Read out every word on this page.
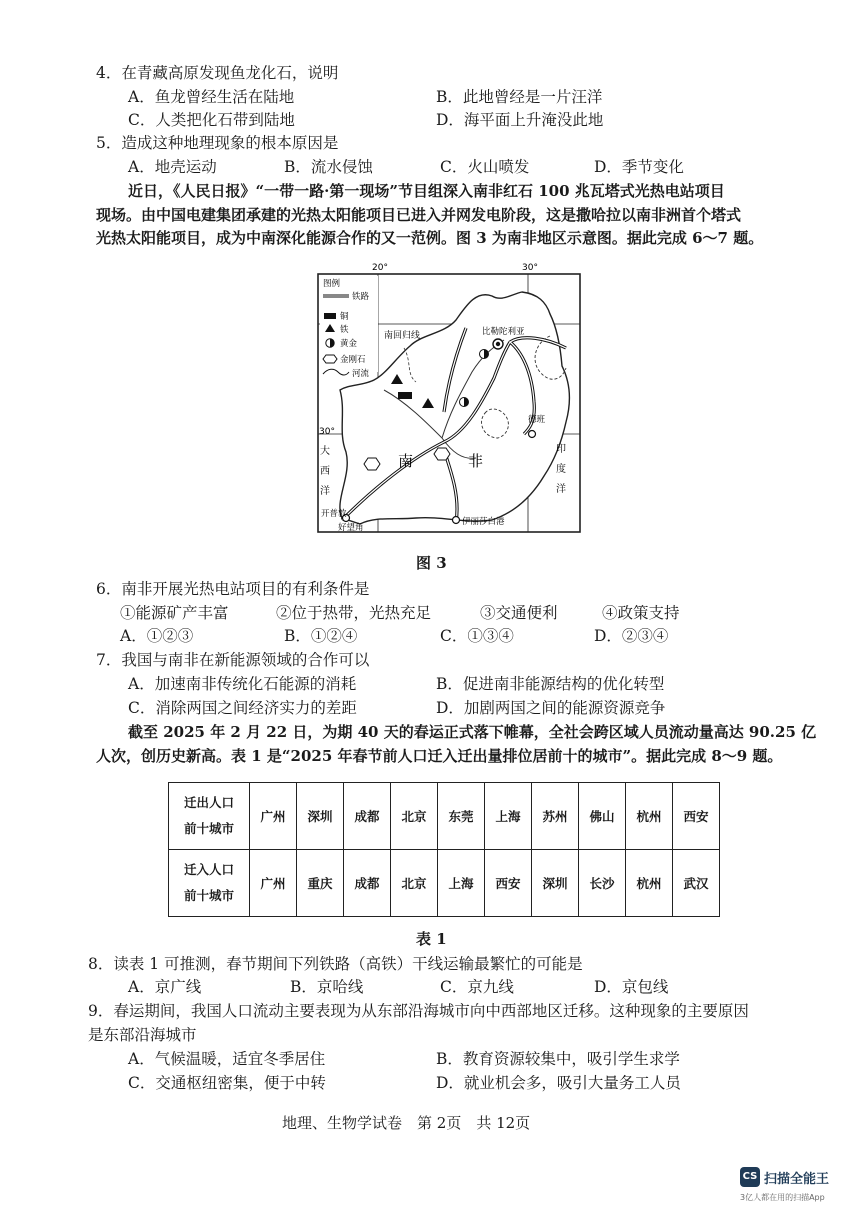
4．在青藏高原发现鱼龙化石，说明
A．鱼龙曾经生活在陆地	B．此地曾经是一片汪洋
C．人类把化石带到陆地	D．海平面上升淹没此地
5．造成这种地理现象的根本原因是
A．地壳运动	B．流水侵蚀	C．火山喷发	D．季节变化
近日，《人民日报》“一带一路·第一现场”节目组深入南非红石 100 兆瓦塔式光热电站项目
现场。由中国电建集团承建的光热太阳能项目已进入并网发电阶段，这是撒哈拉以南非洲首个塔式
光热太阳能项目，成为中南深化能源合作的又一范例。图 3 为南非地区示意图。据此完成 6～7 题。
20°	30°
30°
图例
铁路
铜
铁
黄金
金刚石
河流
南回归线	比勒陀利亚
德班
开普敦
好望角
伊丽莎白港
南	非
大
西
洋
印
度
洋
图 3
6．南非开展光热电站项目的有利条件是
①能源矿产丰富	②位于热带，光热充足	③交通便利	④政策支持
A．①②③	B．①②④	C．①③④	D．②③④
7．我国与南非在新能源领域的合作可以
A．加速南非传统化石能源的消耗	B．促进南非能源结构的优化转型
C．消除两国之间经济实力的差距	D．加剧两国之间的能源资源竞争
截至 2025 年 2 月 22 日，为期 40 天的春运正式落下帷幕，全社会跨区域人员流动量高达 90.25 亿
人次，创历史新高。表 1 是“2025 年春节前人口迁入迁出量排位居前十的城市”。据此完成 8～9 题。
迁出人口
前十城市	广州	深圳	成都	北京	东莞	上海	苏州	佛山	杭州	西安

迁入人口
前十城市	广州	重庆	成都	北京	上海	西安	深圳	长沙	杭州	武汉
表 1
8．读表 1 可推测，春节期间下列铁路（高铁）干线运输最繁忙的可能是
A．京广线	B．京哈线	C．京九线	D．京包线
9．春运期间，我国人口流动主要表现为从东部沿海城市向中西部地区迁移。这种现象的主要原因
是东部沿海城市
A．气候温暖，适宜冬季居住	B．教育资源较集中，吸引学生求学
C．交通枢纽密集，便于中转	D．就业机会多，吸引大量务工人员
地理、生物学试卷　第 2页　共 12页
CS 扫描全能王
3亿人都在用的扫描App
